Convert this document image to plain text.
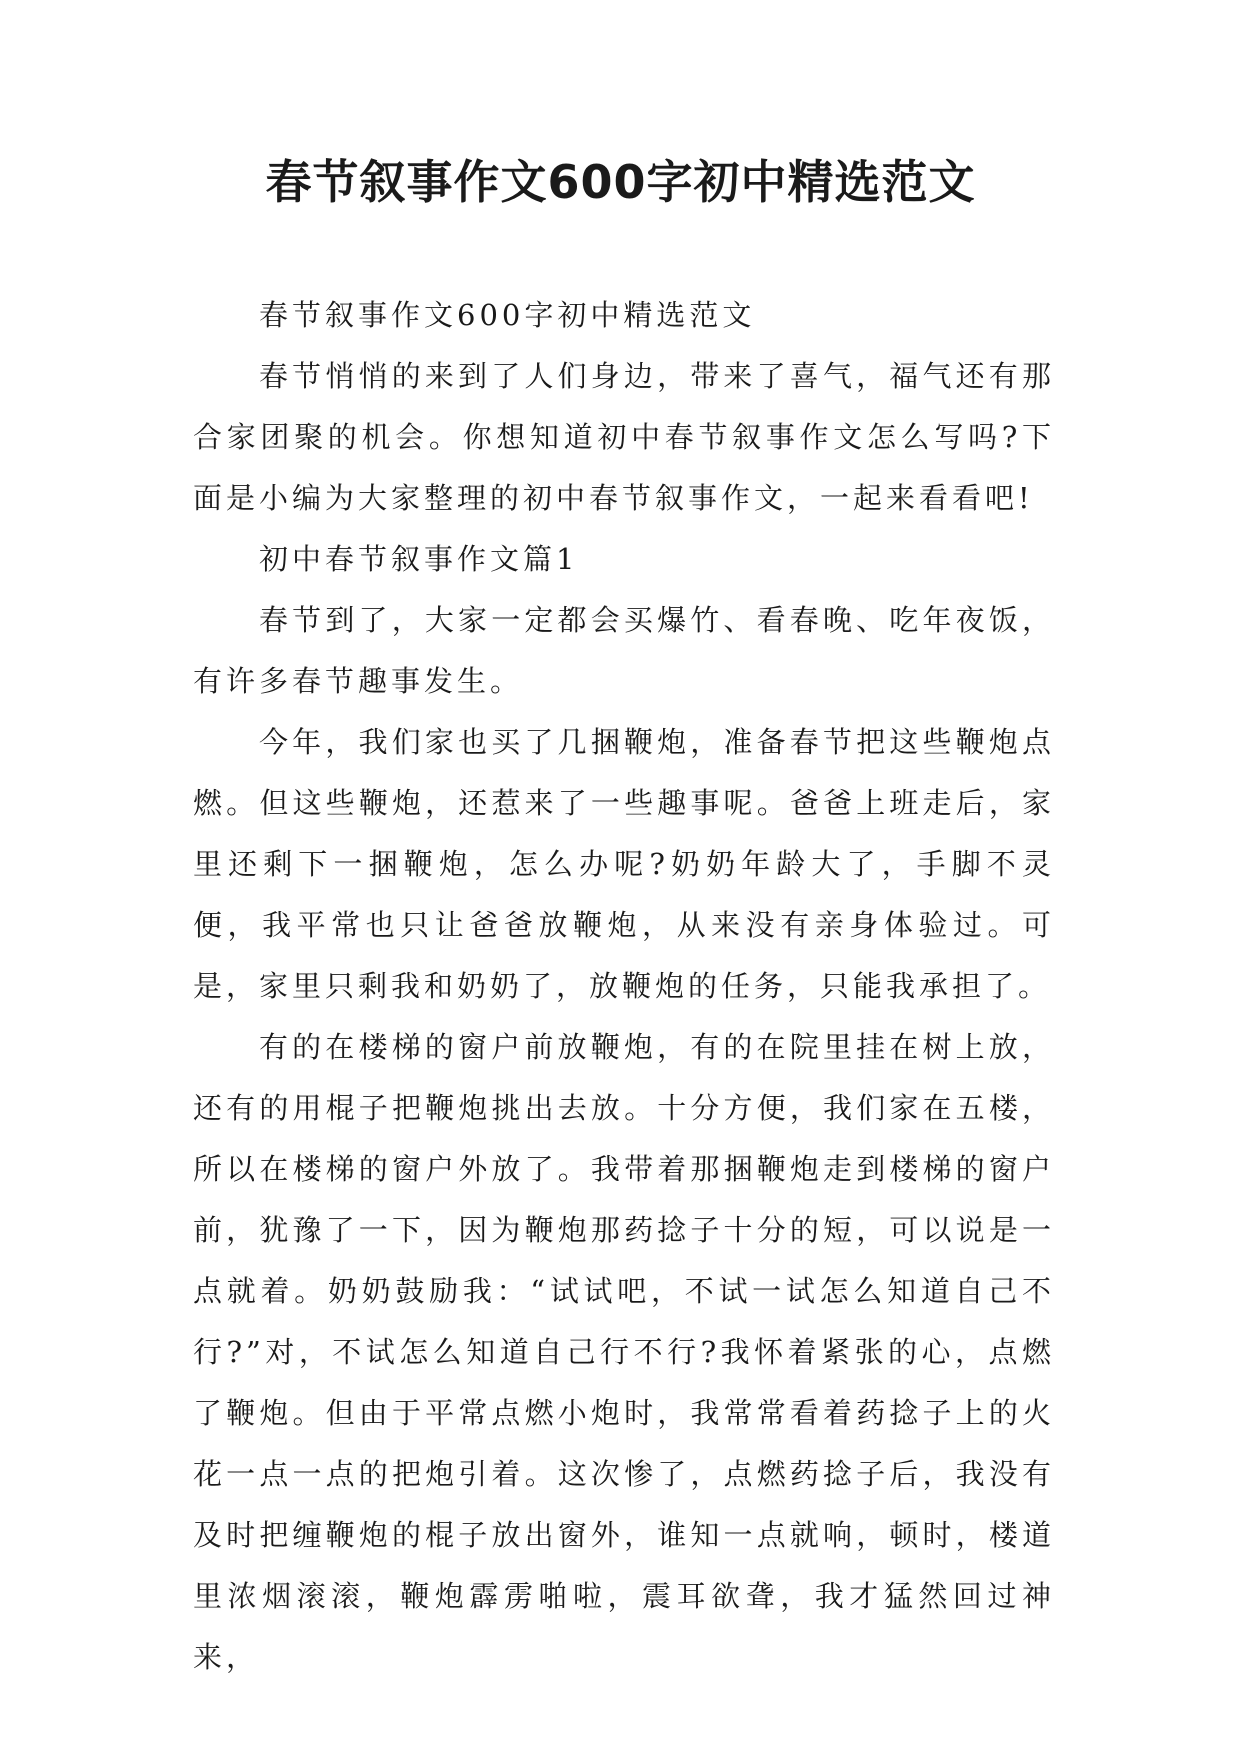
春节叙事作文600字初中精选范文

春节叙事作文600字初中精选范文

春节悄悄的来到了人们身边，带来了喜气，福气还有那合家团聚的机会。你想知道初中春节叙事作文怎么写吗?下面是小编为大家整理的初中春节叙事作文，一起来看看吧!

初中春节叙事作文篇1

春节到了，大家一定都会买爆竹、看春晚、吃年夜饭，有许多春节趣事发生。

今年，我们家也买了几捆鞭炮，准备春节把这些鞭炮点燃。但这些鞭炮，还惹来了一些趣事呢。爸爸上班走后，家里还剩下一捆鞭炮，怎么办呢?奶奶年龄大了，手脚不灵便，我平常也只让爸爸放鞭炮，从来没有亲身体验过。可是，家里只剩我和奶奶了，放鞭炮的任务，只能我承担了。

有的在楼梯的窗户前放鞭炮，有的在院里挂在树上放，还有的用棍子把鞭炮挑出去放。十分方便，我们家在五楼，所以在楼梯的窗户外放了。我带着那捆鞭炮走到楼梯的窗户前，犹豫了一下，因为鞭炮那药捻子十分的短，可以说是一点就着。奶奶鼓励我：“试试吧，不试一试怎么知道自己不行?”对，不试怎么知道自己行不行?我怀着紧张的心，点燃了鞭炮。但由于平常点燃小炮时，我常常看着药捻子上的火花一点一点的把炮引着。这次惨了，点燃药捻子后，我没有及时把缠鞭炮的棍子放出窗外，谁知一点就响，顿时，楼道里浓烟滚滚，鞭炮霹雳啪啦，震耳欲聋，我才猛然回过神来，
